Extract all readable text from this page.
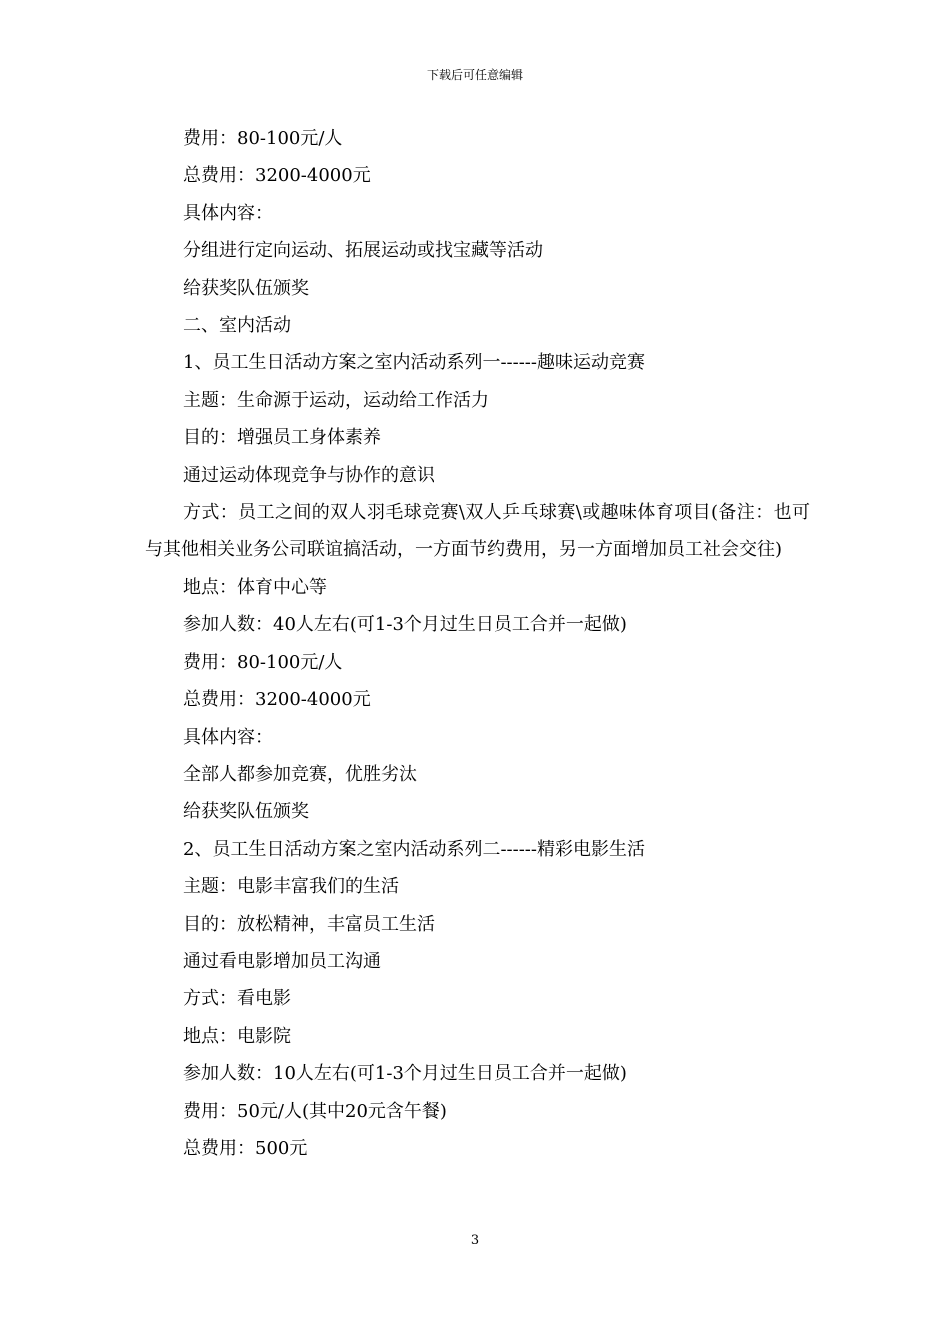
下载后可任意编辑

费用：80-100元/人

总费用：3200-4000元

具体内容：

分组进行定向运动、拓展运动或找宝藏等活动

给获奖队伍颁奖

二、室内活动

1、员工生日活动方案之室内活动系列一------趣味运动竞赛

主题：生命源于运动，运动给工作活力

目的：增强员工身体素养

通过运动体现竞争与协作的意识

方式：员工之间的双人羽毛球竞赛\双人乒乓球赛\或趣味体育项目(备注：也可与其他相关业务公司联谊搞活动，一方面节约费用，另一方面增加员工社会交往)

地点：体育中心等

参加人数：40人左右(可1-3个月过生日员工合并一起做)

费用：80-100元/人

总费用：3200-4000元

具体内容：

全部人都参加竞赛，优胜劣汰

给获奖队伍颁奖

2、员工生日活动方案之室内活动系列二------精彩电影生活

主题：电影丰富我们的生活

目的：放松精神，丰富员工生活

通过看电影增加员工沟通

方式：看电影

地点：电影院

参加人数：10人左右(可1-3个月过生日员工合并一起做)

费用：50元/人(其中20元含午餐)

总费用：500元

3
